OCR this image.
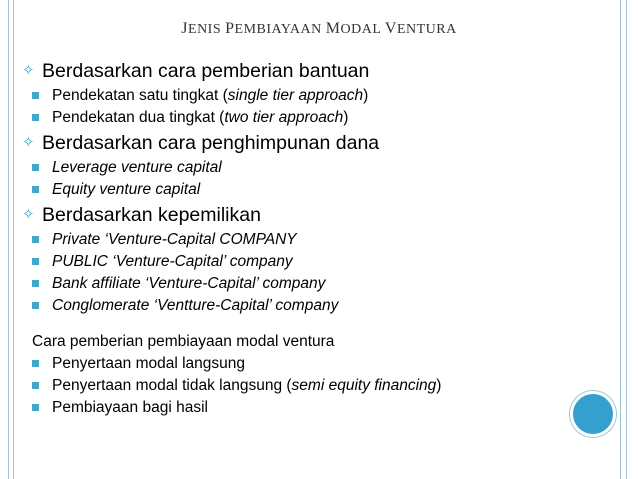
JENIS PEMBIAYAAN MODAL VENTURA
✧ Berdasarkan cara pemberian bantuan
Pendekatan satu tingkat (single tier approach)
Pendekatan dua tingkat (two tier approach)
✧ Berdasarkan cara penghimpunan dana
Leverage venture capital
Equity venture capital
✧ Berdasarkan kepemilikan
Private ‘Venture-Capital COMPANY
PUBLIC ‘Venture-Capital’ company
Bank affiliate ‘Venture-Capital’ company
Conglomerate ‘Ventture-Capital’ company
Cara pemberian pembiayaan modal ventura
Penyertaan modal langsung
Penyertaan modal tidak langsung (semi equity financing)
Pembiayaan bagi hasil
